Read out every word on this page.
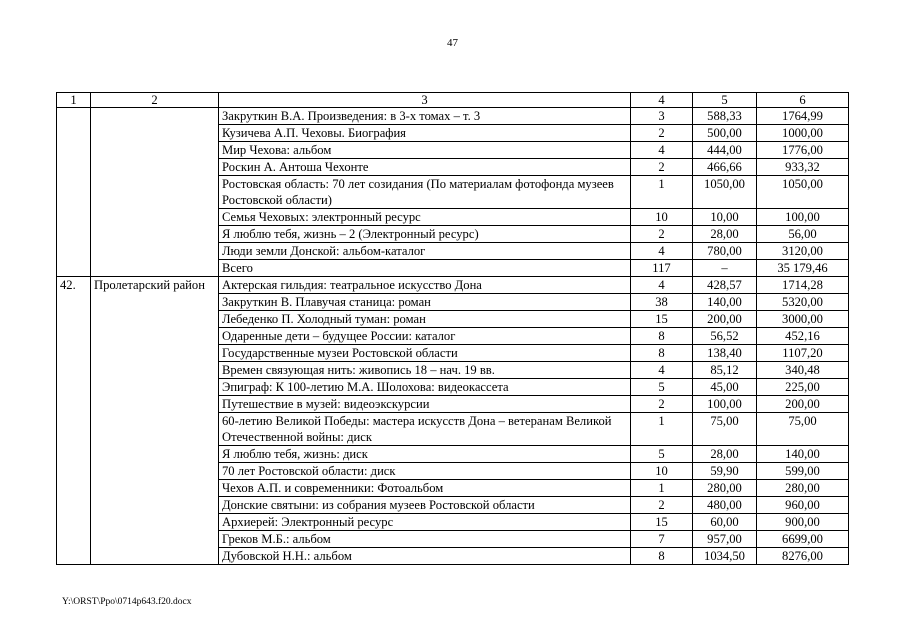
47
1	2	3	4	5	6
		Закруткин В.А. Произведения: в 3-х томах – т. 3	3	588,33	1764,99
		Кузичева А.П. Чеховы. Биография	2	500,00	1000,00
		Мир Чехова: альбом	4	444,00	1776,00
		Роскин А. Антоша Чехонте	2	466,66	933,32
		Ростовская область: 70 лет созидания (По материалам фотофонда музеев Ростовской области)	1	1050,00	1050,00
		Семья Чеховых: электронный ресурс	10	10,00	100,00
		Я люблю тебя, жизнь – 2 (Электронный ресурс)	2	28,00	56,00
		Люди земли Донской: альбом-каталог	4	780,00	3120,00
		Всего	117	–	35 179,46
42.	Пролетарский район	Актерская гильдия: театральное искусство Дона	4	428,57	1714,28
		Закруткин В. Плавучая станица: роман	38	140,00	5320,00
		Лебеденко П. Холодный туман: роман	15	200,00	3000,00
		Одаренные дети – будущее России: каталог	8	56,52	452,16
		Государственные музеи Ростовской области	8	138,40	1107,20
		Времен связующая нить: живопись 18 – нач. 19 вв.	4	85,12	340,48
		Эпиграф: К 100-летию М.А. Шолохова: видеокассета	5	45,00	225,00
		Путешествие в музей: видеоэкскурсии	2	100,00	200,00
		60-летию Великой Победы: мастера искусств Дона – ветеранам Великой Отечественной войны: диск	1	75,00	75,00
		Я люблю тебя, жизнь: диск	5	28,00	140,00
		70 лет Ростовской области: диск	10	59,90	599,00
		Чехов А.П. и современники: Фотоальбом	1	280,00	280,00
		Донские святыни: из собрания музеев Ростовской области	2	480,00	960,00
		Архиерей: Электронный ресурс	15	60,00	900,00
		Греков М.Б.: альбом	7	957,00	6699,00
		Дубовской Н.Н.: альбом	8	1034,50	8276,00
Y:\ORST\Ppo\0714p643.f20.docx
